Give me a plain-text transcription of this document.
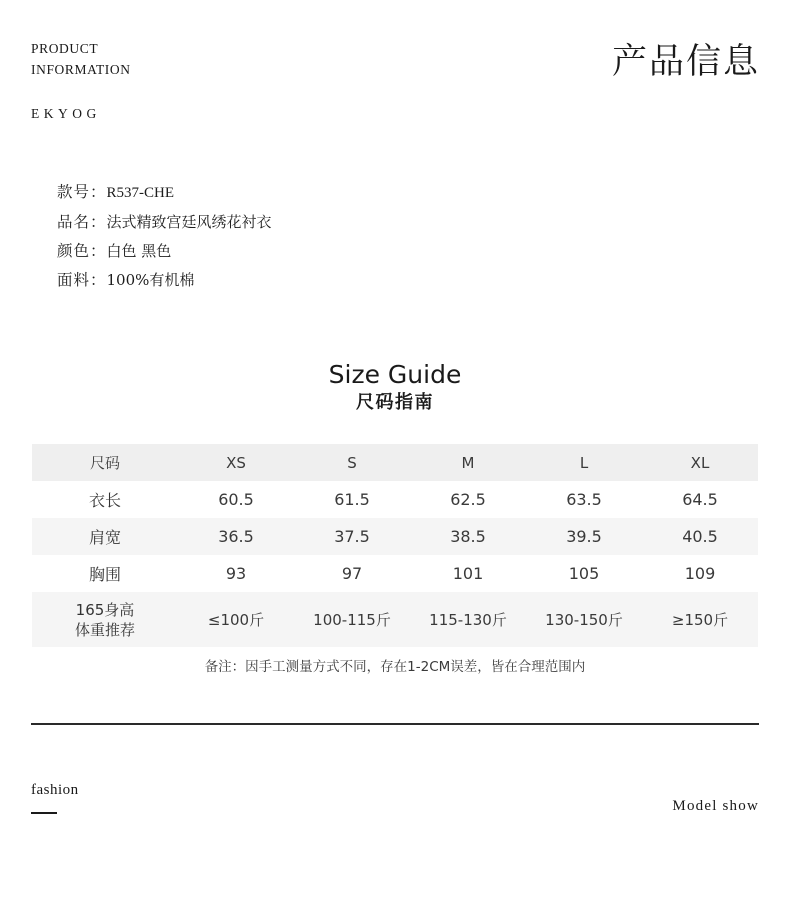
PRODUCT
INFORMATION
EKYOG
产品信息
款号：R537-CHE
品名：法式精致宫廷风绣花衬衣
颜色：白色 黑色
面料：100%有机棉
Size Guide
尺码指南
尺码	XS	S	M	L	XL
衣长	60.5	61.5	62.5	63.5	64.5
肩宽	36.5	37.5	38.5	39.5	40.5
胸围	93	97	101	105	109

165身高
体重推荐	≤100斤	100-115斤	115-130斤	130-150斤	≥150斤
备注：因手工测量方式不同，存在1-2CM误差，皆在合理范围内
fashion
Model show
